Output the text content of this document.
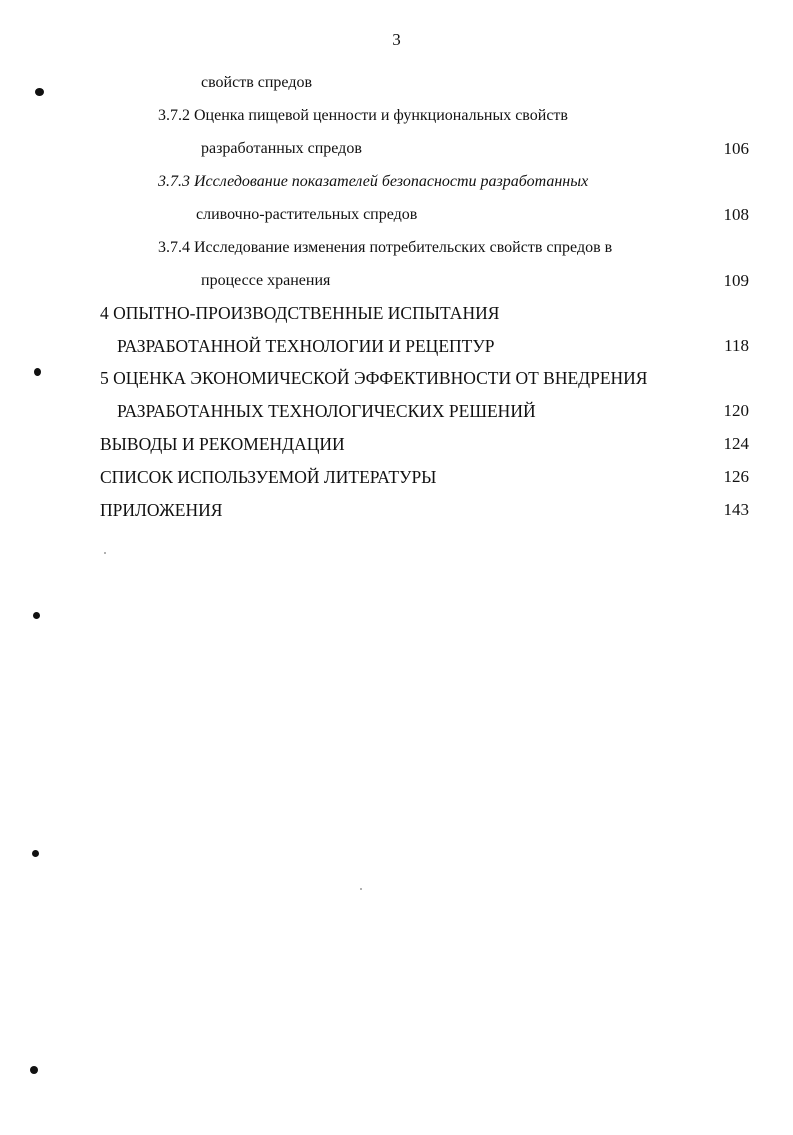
3
свойств спредов
3.7.2 Оценка пищевой ценности и функциональных свойств
разработанных спредов	106
3.7.3 Исследование показателей безопасности разработанных
сливочно-растительных спредов	108
3.7.4 Исследование изменения потребительских свойств спредов в
процессе хранения	109
4 ОПЫТНО-ПРОИЗВОДСТВЕННЫЕ ИСПЫТАНИЯ
РАЗРАБОТАННОЙ ТЕХНОЛОГИИ И РЕЦЕПТУР	118
5 ОЦЕНКА ЭКОНОМИЧЕСКОЙ ЭФФЕКТИВНОСТИ ОТ ВНЕДРЕНИЯ
РАЗРАБОТАННЫХ ТЕХНОЛОГИЧЕСКИХ РЕШЕНИЙ	120
ВЫВОДЫ И РЕКОМЕНДАЦИИ	124
СПИСОК ИСПОЛЬЗУЕМОЙ ЛИТЕРАТУРЫ	126
ПРИЛОЖЕНИЯ	143
